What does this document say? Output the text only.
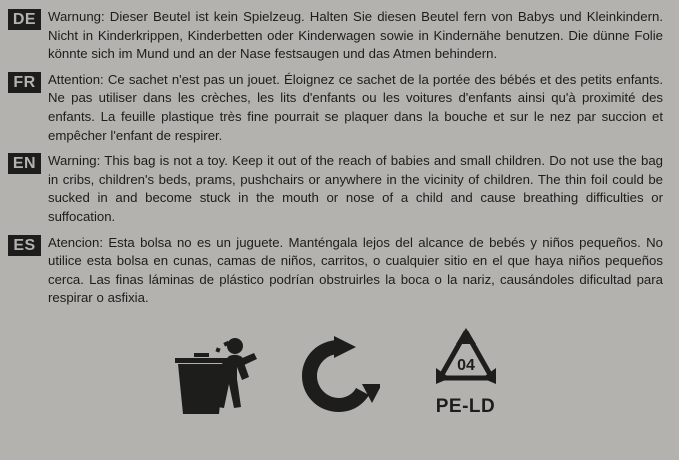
DE Warnung: Dieser Beutel ist kein Spielzeug. Halten Sie diesen Beutel fern von Babys und Kleinkindern. Nicht in Kinderkrippen, Kinderbetten oder Kinderwagen sowie in Kindernähe benutzen. Die dünne Folie könnte sich im Mund und an der Nase festsaugen und das Atmen behindern.
FR Attention: Ce sachet n'est pas un jouet. Éloignez ce sachet de la portée des bébés et des petits enfants. Ne pas utiliser dans les crèches, les lits d'enfants ou les voitures d'enfants ainsi qu'à proximité des enfants. La feuille plastique très fine pourrait se plaquer dans la bouche et sur le nez par succion et empêcher l'enfant de respirer.
EN Warning: This bag is not a toy. Keep it out of the reach of babies and small children. Do not use the bag in cribs, children's beds, prams, pushchairs or anywhere in the vicinity of children. The thin foil could be sucked in and become stuck in the mouth or nose of a child and cause breathing difficulties or suffocation.
ES Atencion: Esta bolsa no es un juguete. Manténgala lejos del alcance de bebés y niños pequeños. No utilice esta bolsa en cunas, camas de niños, carritos, o cualquier sitio en el que haya niños pequeños cerca. Las finas láminas de plástico podrían obstruirles la boca o la nariz, causándoles dificultad para respirar o asfixia.
04
PE-LD
